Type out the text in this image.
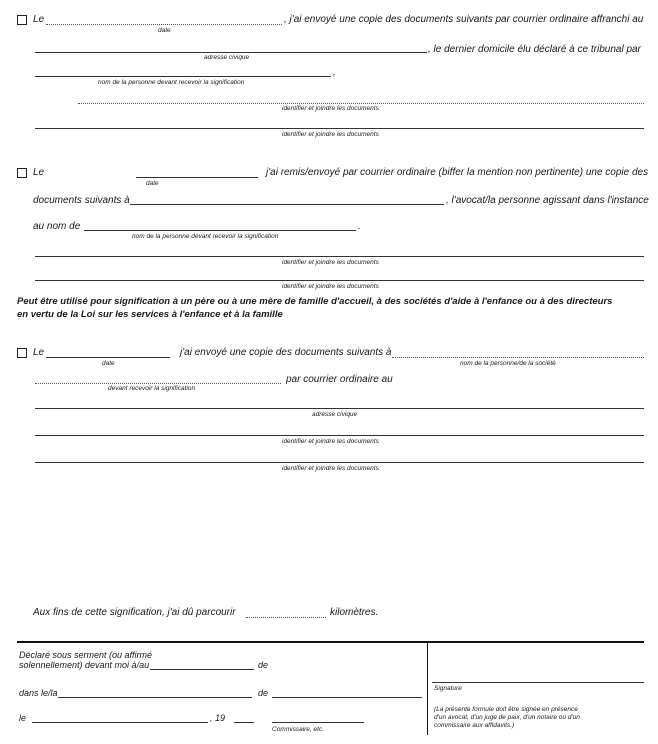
Le
date
, j'ai envoyé une copie des documents suivants par courrier ordinaire affranchi au
adresse civique
, le dernier domicile élu déclaré à ce tribunal par
,
nom de la personne devant recevoir la signification
identifier et joindre les documents
identifier et joindre les documents
Le
date
j'ai remis/envoyé par courrier ordinaire (biffer la mention non pertinente) une copie des
documents suivants à	, l'avocat/la personne agissant dans l'instance
au nom de	.
nom de la personne devant recevoir la signification
identifier et joindre les documents
identifier et joindre les documents
Peut être utilisé pour signification à un père ou à une mère de famille d'accueil, à des sociétés d'aide à l'enfance ou à des directeurs
en vertu de la Loi sur les services à l'enfance et à la famille
Le
date
j'ai envoyé une copie des documents suivants à
nom de la personne/de la société
devant recevoir la signification
par courrier ordinaire au
adresse civique
identifier et joindre les documents
identifier et joindre les documents
Aux fins de cette signification, j'ai dû parcourir	kilomètres.
Déclaré sous serment (ou affirmé
solennellement) devant moi à/au	de
dans le/la	de
le	, 19
Commissaire, etc.
Signature
(La présente formule doit être signée en présence
d'un avocat, d'un juge de paix, d'un notaire ou d'un
commissaire aux affidavits.)
